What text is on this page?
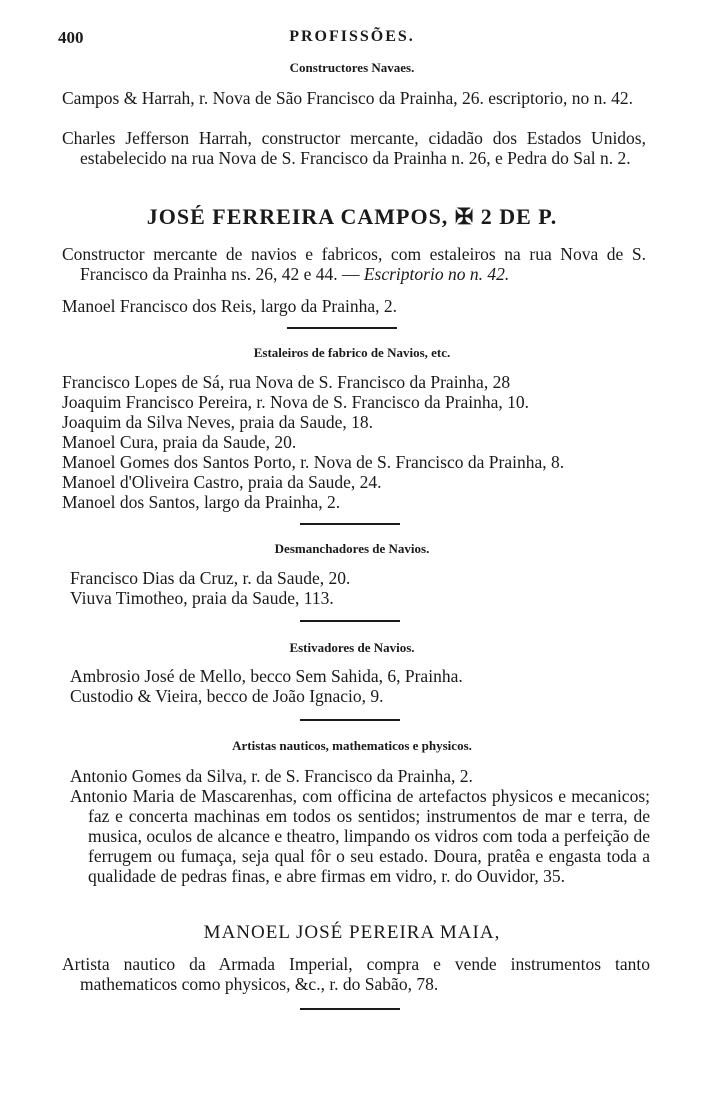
400	PROFISSÕES.
Constructores Navaes.
Campos & Harrah, r. Nova de São Francisco da Prainha, 26. escriptorio, no n. 42.
Charles Jefferson Harrah, constructor mercante, cidadão dos Estados Unidos, estabelecido na rua Nova de S. Francisco da Prainha n. 26, e Pedra do Sal n. 2.
JOSÉ FERREIRA CAMPOS, ✠ 2 DE P.
Constructor mercante de navios e fabricos, com estaleiros na rua Nova de S. Francisco da Prainha ns. 26, 42 e 44. — Escriptorio no n. 42.
Manoel Francisco dos Reis, largo da Prainha, 2.
Estaleiros de fabrico de Navios, etc.
Francisco Lopes de Sá, rua Nova de S. Francisco da Prainha, 28
Joaquim Francisco Pereira, r. Nova de S. Francisco da Prainha, 10.
Joaquim da Silva Neves, praia da Saude, 18.
Manoel Cura, praia da Saude, 20.
Manoel Gomes dos Santos Porto, r. Nova de S. Francisco da Prainha, 8.
Manoel d'Oliveira Castro, praia da Saude, 24.
Manoel dos Santos, largo da Prainha, 2.
Desmanchadores de Navios.
Francisco Dias da Cruz, r. da Saude, 20.
Viuva Timotheo, praia da Saude, 113.
Estivadores de Navios.
Ambrosio José de Mello, becco Sem Sahida, 6, Prainha.
Custodio & Vieira, becco de João Ignacio, 9.
Artistas nauticos, mathematicos e physicos.
Antonio Gomes da Silva, r. de S. Francisco da Prainha, 2.
Antonio Maria de Mascarenhas, com officina de artefactos physicos e mecanicos; faz e concerta machinas em todos os sentidos; instrumentos de mar e terra, de musica, oculos de alcance e theatro, limpando os vidros com toda a perfeição de ferrugem ou fumaça, seja qual fôr o seu estado. Doura, pratêa e engasta toda a qualidade de pedras finas, e abre firmas em vidro, r. do Ouvidor, 35.
MANOEL JOSÉ PEREIRA MAIA,
Artista nautico da Armada Imperial, compra e vende instrumentos tanto mathematicos como physicos, &c., r. do Sabão, 78.
